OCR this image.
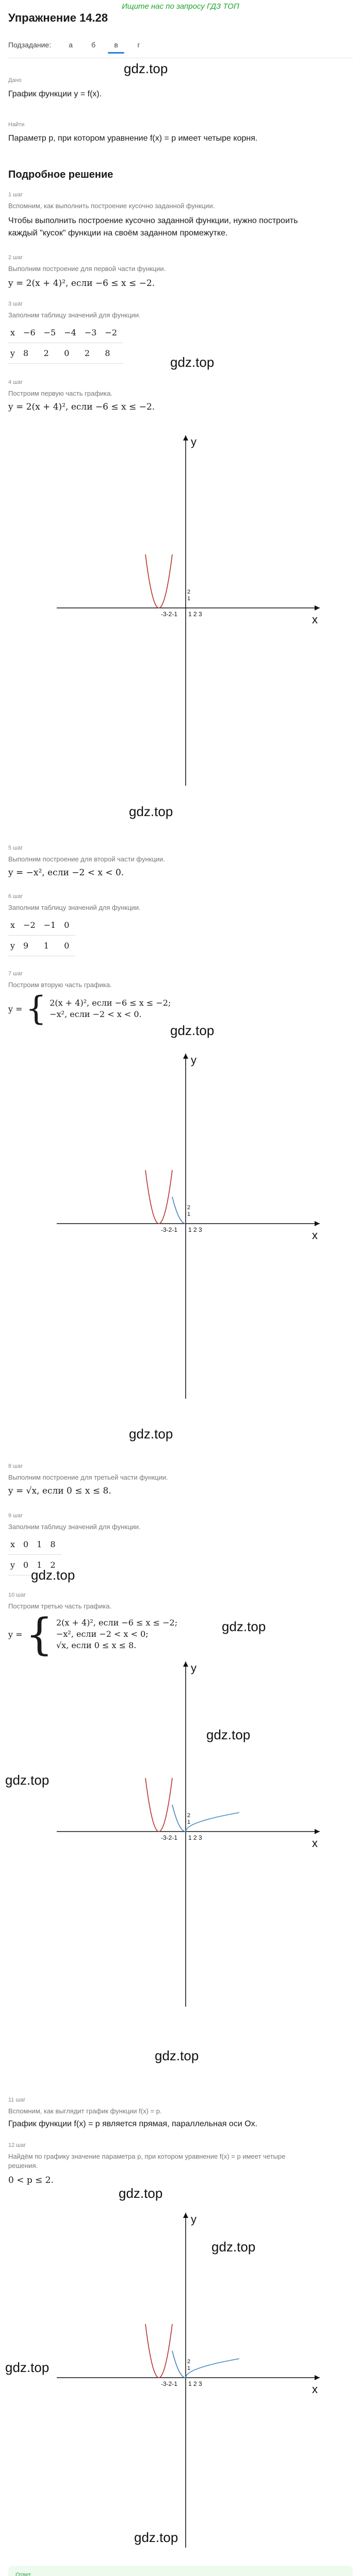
Ищите нас по запросу ГДЗ ТОП
Упражнение 14.28
Подзадание:	а	б	в	г
gdz.top
Дано
График функции y = f(x).
Найти
Параметр p, при котором уравнение f(x) = p имеет четыре корня.
Подробное решение
1 шаг
Вспомним, как выполнить построение кусочно заданной функции.
Чтобы выполнить построение кусочно заданной функции, нужно построить
каждый "кусок" функции на своём заданном промежутке.
2 шаг
Выполним построение для первой части функции.
y = 2(x + 4)², если −6 ≤ x ≤ −2.
3 шаг
Заполним таблицу значений для функции.
x	−6	−5	−4	−3	−2
y	8	2	0	2	8
gdz.top
4 шаг
Построим первую часть графика.
y = 2(x + 4)², если −6 ≤ x ≤ −2.
x
y
-3-2-1 1 2 3
1
2
gdz.top
5 шаг
Выполним построение для второй части функции.
y = −x², если −2 < x < 0.
6 шаг
Заполним таблицу значений для функции.
x	−2	−1	0
y	9	1	0
7 шаг
Построим вторую часть графика.
y = { 2(x + 4)², если −6 ≤ x ≤ −2;
−x², если −2 < x < 0.
gdz.top
x
y
-3-2-1 1 2 3
1
2
gdz.top
8 шаг
Выполним построение для третьей части функции.
y = √x, если 0 ≤ x ≤ 8.
9 шаг
Заполним таблицу значений для функции.
x	0	1	8
y	0	1	2
gdz.top
10 шаг
Построим третью часть графика.
y = { 2(x + 4)², если −6 ≤ x ≤ −2;
−x², если −2 < x < 0;
√x, если 0 ≤ x ≤ 8.
gdz.top
x
y
-3-2-1 1 2 3
1
2
gdz.top
gdz.top
gdz.top
11 шаг
Вспомним, как выглядит график функции f(x) = p.
График функции f(x) = p является прямая, параллельная оси Ox.
12 шаг
Найдём по графику значение параметра p, при котором уравнение f(x) = p имеет четыре
решения.
0 < p ≤ 2.
gdz.top
x
y
-3-2-1 1 2 3
1
2
gdz.top
gdz.top
gdz.top
Ответ
